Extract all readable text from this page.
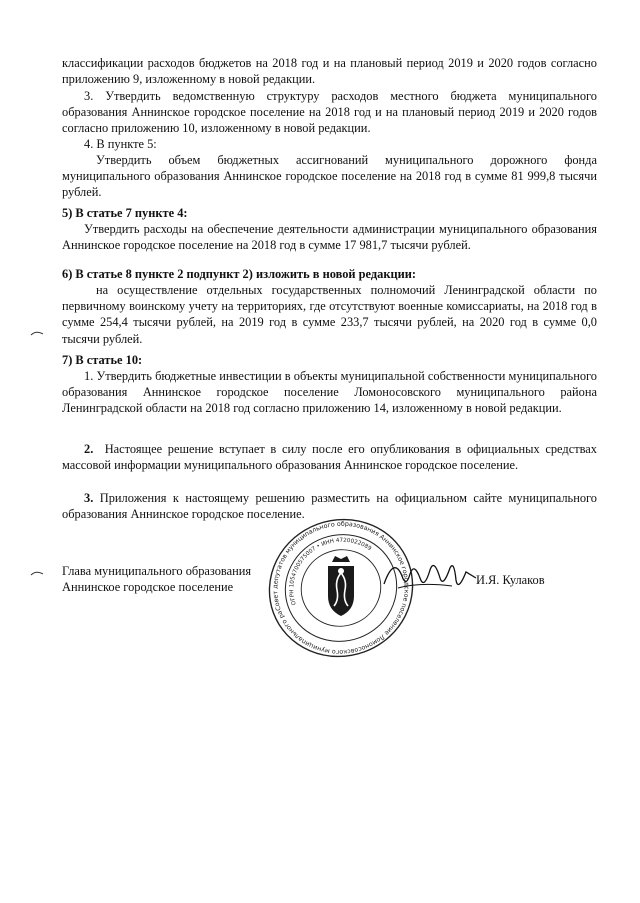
классификации расходов бюджетов на 2018 год и на плановый период 2019 и 2020 годов согласно приложению 9, изложенному в новой редакции.

3. Утвердить ведомственную структуру расходов местного бюджета муниципального образования Аннинское городское поселение на 2018 год и на плановый период 2019 и 2020 годов согласно приложению 10, изложенному в новой редакции.

4. В пункте 5:

Утвердить объем бюджетных ассигнований муниципального дорожного фонда муниципального образования Аннинское городское поселение на 2018 год в сумме 81 999,8 тысячи рублей.

5) В статье 7 пункте 4:

Утвердить расходы на обеспечение деятельности администрации муниципального образования Аннинское городское поселение на 2018 год в сумме 17 981,7 тысячи рублей.

6) В статье 8 пункте 2 подпункт 2) изложить в новой редакции:

на осуществление отдельных государственных полномочий Ленинградской области по первичному воинскому учету на территориях, где отсутствуют военные комиссариаты, на 2018 год в сумме 254,4 тысячи рублей, на 2019 год в сумме 233,7 тысячи рублей, на 2020 год в сумме 0,0 тысячи рублей.

7) В статье 10:

1. Утвердить бюджетные инвестиции в объекты муниципальной собственности муниципального образования Аннинское городское поселение Ломоносовского муниципального района Ленинградской области на 2018 год согласно приложению 14, изложенному в новой редакции.

2. Настоящее решение вступает в силу после его опубликования в официальных средствах массовой информации муниципального образования Аннинское городское поселение.

3. Приложения к настоящему решению разместить на официальном сайте муниципального образования Аннинское городское поселение.

Глава муниципального образования
Аннинское городское поселение
Совет депутатов муниципального образования Аннинское городское поселение Ломоносовского муниципального района
ОГРН 1054700575007 • ИНН 4720022089
И.Я. Кулаков
